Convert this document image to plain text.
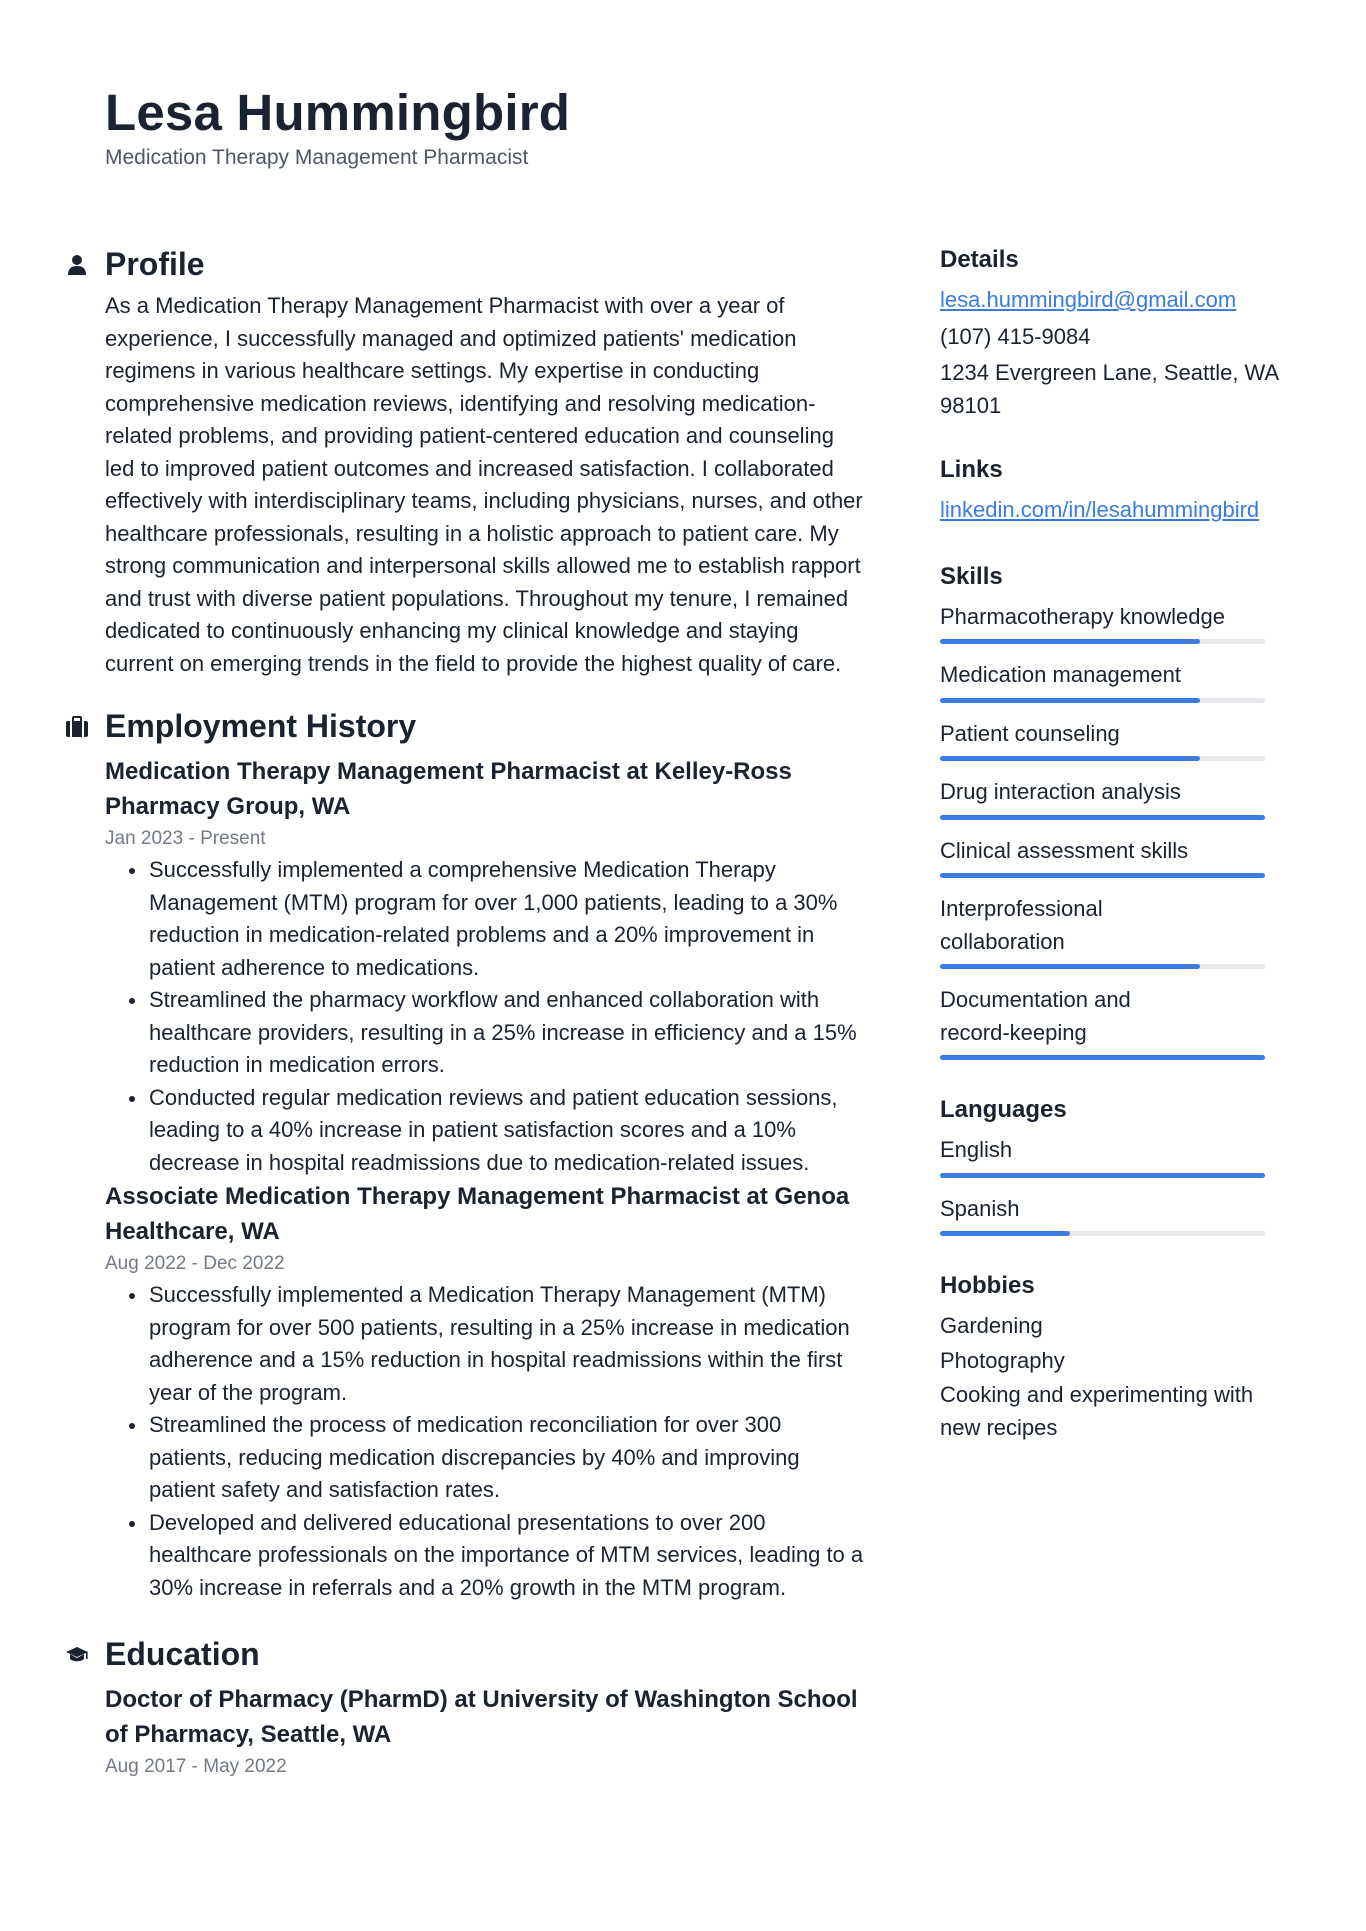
Lesa Hummingbird

Medication Therapy Management Pharmacist

Profile

As a Medication Therapy Management Pharmacist with over a year of experience, I successfully managed and optimized patients' medication regimens in various healthcare settings. My expertise in conducting comprehensive medication reviews, identifying and resolving medication-related problems, and providing patient-centered education and counseling led to improved patient outcomes and increased satisfaction. I collaborated effectively with interdisciplinary teams, including physicians, nurses, and other healthcare professionals, resulting in a holistic approach to patient care. My strong communication and interpersonal skills allowed me to establish rapport and trust with diverse patient populations. Throughout my tenure, I remained dedicated to continuously enhancing my clinical knowledge and staying current on emerging trends in the field to provide the highest quality of care.

Employment History

Medication Therapy Management Pharmacist at Kelley-Ross Pharmacy Group, WA

Jan 2023 - Present

Successfully implemented a comprehensive Medication Therapy Management (MTM) program for over 1,000 patients, leading to a 30% reduction in medication-related problems and a 20% improvement in patient adherence to medications.
Streamlined the pharmacy workflow and enhanced collaboration with healthcare providers, resulting in a 25% increase in efficiency and a 15% reduction in medication errors.
Conducted regular medication reviews and patient education sessions, leading to a 40% increase in patient satisfaction scores and a 10% decrease in hospital readmissions due to medication-related issues.

Associate Medication Therapy Management Pharmacist at Genoa Healthcare, WA

Aug 2022 - Dec 2022

Successfully implemented a Medication Therapy Management (MTM) program for over 500 patients, resulting in a 25% increase in medication adherence and a 15% reduction in hospital readmissions within the first year of the program.
Streamlined the process of medication reconciliation for over 300 patients, reducing medication discrepancies by 40% and improving patient safety and satisfaction rates.
Developed and delivered educational presentations to over 200 healthcare professionals on the importance of MTM services, leading to a 30% increase in referrals and a 20% growth in the MTM program.
Education

Doctor of Pharmacy (PharmD) at University of Washington School of Pharmacy, Seattle, WA

Aug 2017 - May 2022

Details
lesa.hummingbird@gmail.com

(107) 415-9084

1234 Evergreen Lane, Seattle, WA 98101

Links
linkedin.com/in/lesahummingbird
Skills

Pharmacotherapy knowledge

Medication management

Patient counseling

Drug interaction analysis

Clinical assessment skills

Interprofessional collaboration

Documentation and record-keeping

Languages

English

Spanish

Hobbies

Gardening

Photography

Cooking and experimenting with new recipes
